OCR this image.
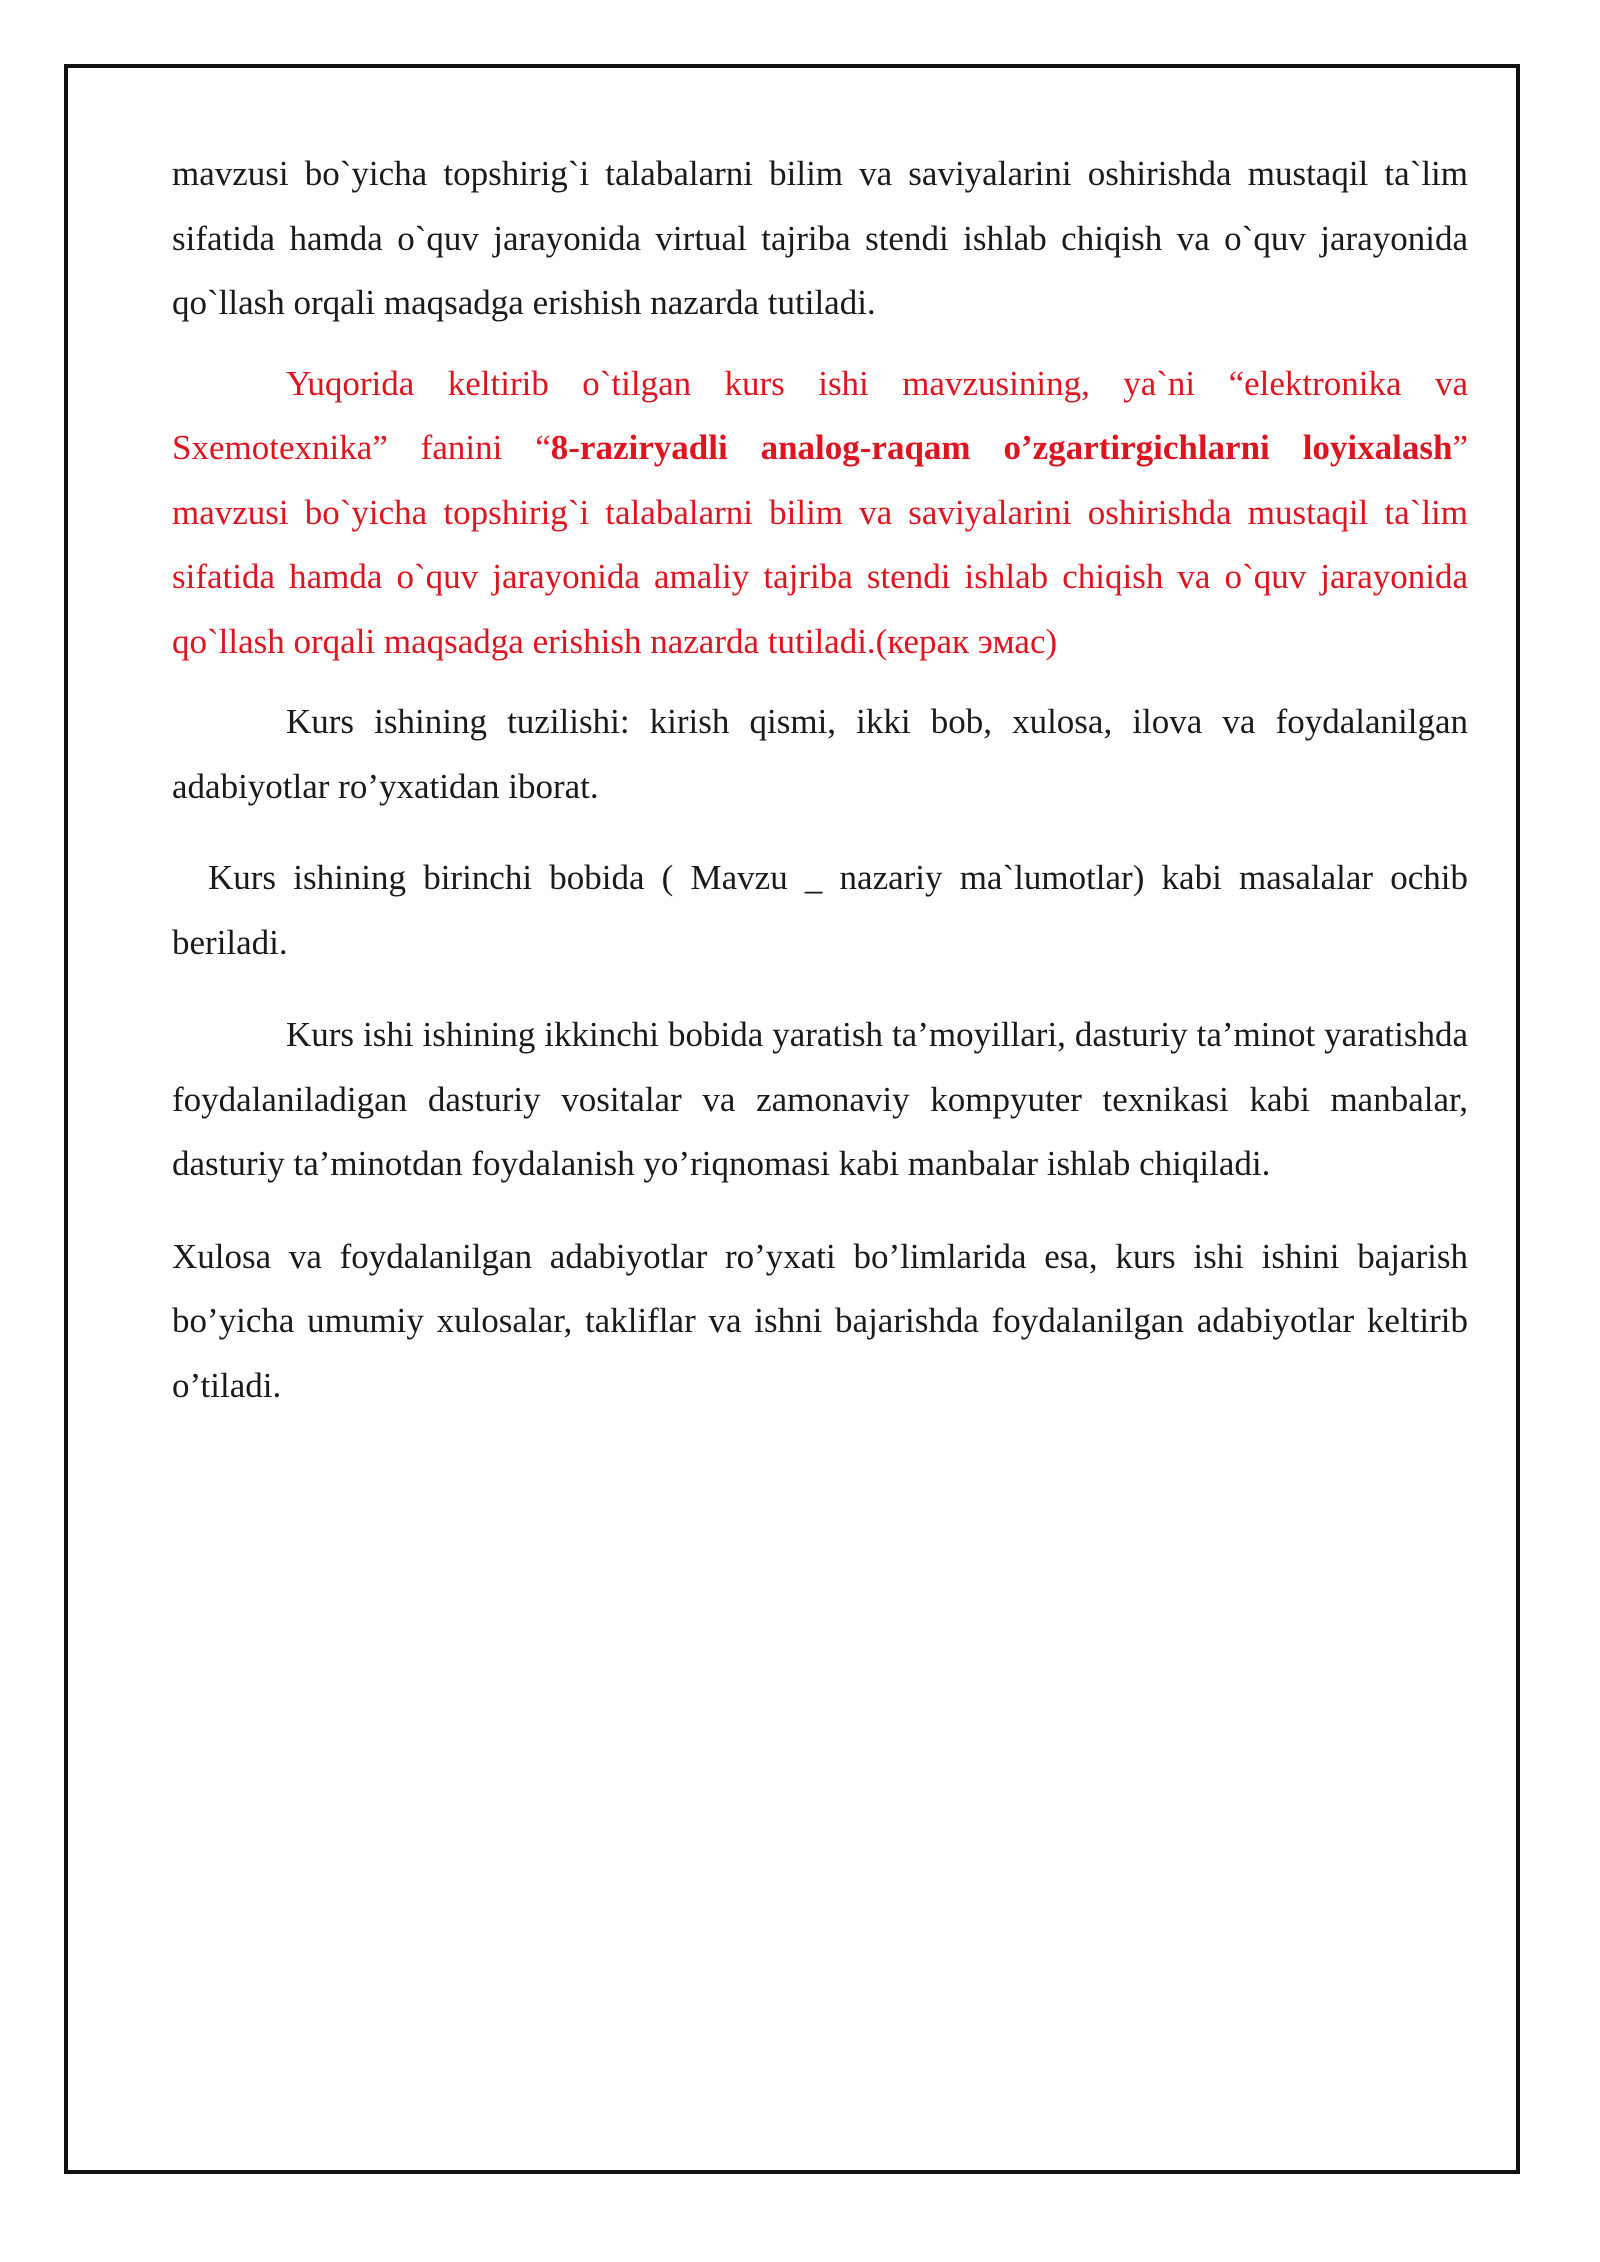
mavzusi bo`yicha topshirig`i talabalarni bilim va saviyalarini oshirishda mustaqil ta`lim sifatida hamda o`quv jarayonida virtual tajriba stendi ishlab chiqish va o`quv jarayonida qo`llash orqali maqsadga erishish nazarda tutiladi.

Yuqorida keltirib o`tilgan kurs ishi mavzusining, ya`ni “elektronika va Sxemotexnika” fanini “8-raziryadli analog-raqam o’zgartirgichlarni loyixalash” mavzusi bo`yicha topshirig`i talabalarni bilim va saviyalarini oshirishda mustaqil ta`lim sifatida hamda o`quv jarayonida amaliy tajriba stendi ishlab chiqish va o`quv jarayonida qo`llash orqali maqsadga erishish nazarda tutiladi.(керак эмас)

Kurs ishining tuzilishi: kirish qismi, ikki bob, xulosa, ilova va foydalanilgan adabiyotlar ro’yxatidan iborat.

Kurs ishining birinchi bobida ( Mavzu _ nazariy ma`lumotlar) kabi masalalar ochib beriladi.

Kurs ishi ishining ikkinchi bobida yaratish ta’moyillari, dasturiy ta’minot yaratishda foydalaniladigan dasturiy vositalar va zamonaviy kompyuter texnikasi kabi manbalar, dasturiy ta’minotdan foydalanish yo’riqnomasi kabi manbalar ishlab chiqiladi.

Xulosa va foydalanilgan adabiyotlar ro’yxati bo’limlarida esa, kurs ishi ishini bajarish bo’yicha umumiy xulosalar, takliflar va ishni bajarishda foydalanilgan adabiyotlar keltirib o’tiladi.
